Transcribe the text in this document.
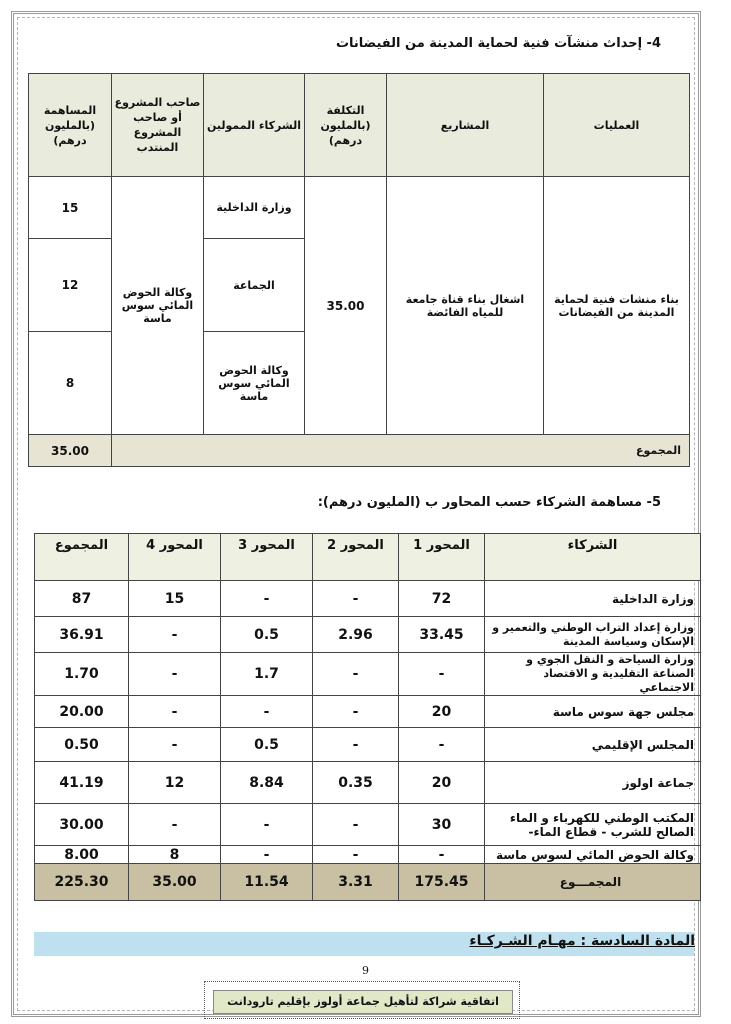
4- إحداث منشآت فنية لحماية المدينة من الفيضانات
العمليات	المشاريع	التكلفة (بالمليون درهم)	الشركاء الممولين	صاحب المشروع أو صاحب المشروع المنتدب	المساهمة (بالمليون درهم)
بناء منشات فنية لحماية المدينة من الفيضانات	اشغال بناء قناة جامعة للمياه الفائضة	35.00	وزارة الداخلية	وكالة الحوض المائي سوس ماسة	15
			الجماعة		12
			وكالة الحوض المائي سوس ماسة		8
المجموع					35.00
5- مساهمة الشركاء حسب المحاور ب (المليون درهم):
الشركاء	المحور 1	المحور 2	المحور 3	المحور 4	المجموع
وزارة الداخلية	72	-	-	15	87
وزارة إعداد التراب الوطني والتعمير و الإسكان وسياسة المدينة	33.45	2.96	0.5	-	36.91
وزارة السياحة و النقل الجوي و الصناعة التقليدية و الاقتصاد الاجتماعي	-	-	1.7	-	1.70
مجلس جهة سوس ماسة	20	-	-	-	20.00
المجلس الإقليمي	-	-	0.5	-	0.50
جماعة اولوز	20	0.35	8.84	12	41.19
المكتب الوطني للكهرباء و الماء الصالح للشرب - قطاع الماء-	30	-	-	-	30.00
وكالة الحوض المائي لسوس ماسة	-	-	-	8	8.00
المجمـــوع	175.45	3.31	11.54	35.00	225.30
المادة السادسة : مهـام الشـركـاء
9
اتفاقية شراكة لتأهيل جماعة أولوز بإقليم تارودانت
